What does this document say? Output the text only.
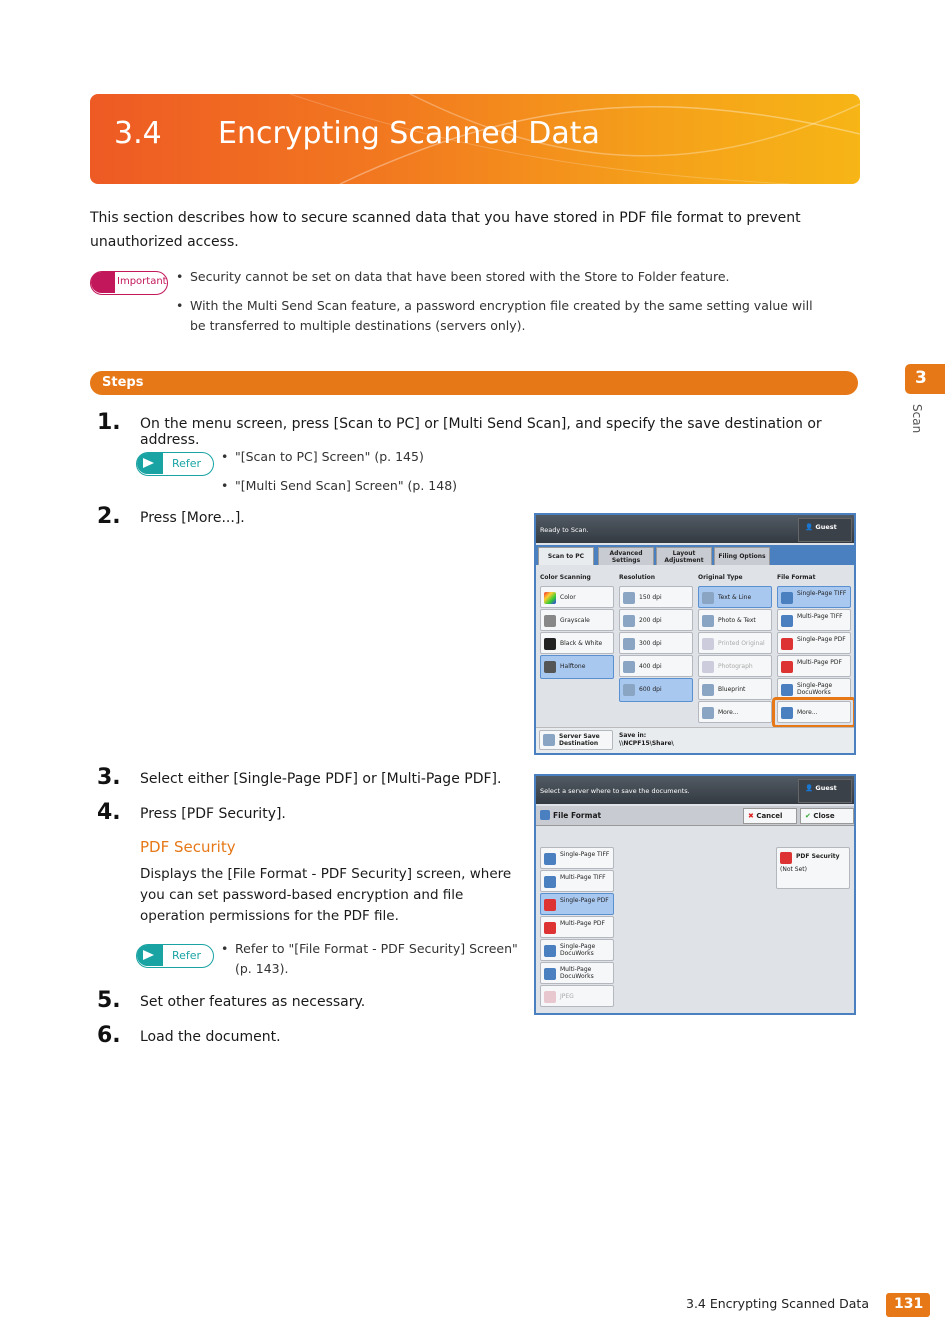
3.4 Encrypting Scanned Data

This section describes how to secure scanned data that you have stored in PDF file format to prevent unauthorized access.

Important	• Security cannot be set on data that have been stored with the Store to Folder feature.
• With the Multi Send Scan feature, a password encryption file created by the same setting value will be transferred to multiple destinations (servers only).
Steps
1. On the menu screen, press [Scan to PC] or [Multi Send Scan], and specify the save destination or address.
Refer	• "[Scan to PC] Screen" (p. 145)
• "[Multi Send Scan] Screen" (p. 148)
2. Press [More...].
Ready to Scan.	👤 Guest
Scan to PC	Advanced Settings
Layout Adjustment
Filing Options
Color Scanning	Resolution	Original Type	File Format
Color
Grayscale
Black & White
Halftone
150 dpi
200 dpi
300 dpi
400 dpi
600 dpi
Text & Line
Photo & Text
Printed Original
Photograph
Blueprint
More...
Single-Page TIFF
Multi-Page TIFF
Single-Page PDF
Multi-Page PDF
Single-Page DocuWorks
More...
Server Save Destination
Save in:
\\NCPF15\Share\
3. Select either [Single-Page PDF] or [Multi-Page PDF].
4. Press [PDF Security].
PDF Security

Displays the [File Format - PDF Security] screen, where you can set password-based encryption and file operation permissions for the PDF file.

Refer	• Refer to "[File Format - PDF Security] Screen" (p. 143).
Select a server where to save the documents.	👤 Guest
File Format	✖ Cancel	✔ Close
Single-Page TIFF
Multi-Page TIFF
Single-Page PDF
Multi-Page PDF
Single-Page DocuWorks
Multi-Page DocuWorks
JPEG
PDF Security
(Not Set)
5. Set other features as necessary.
6. Load the document.
3
Scan
3.4 Encrypting Scanned Data 131
